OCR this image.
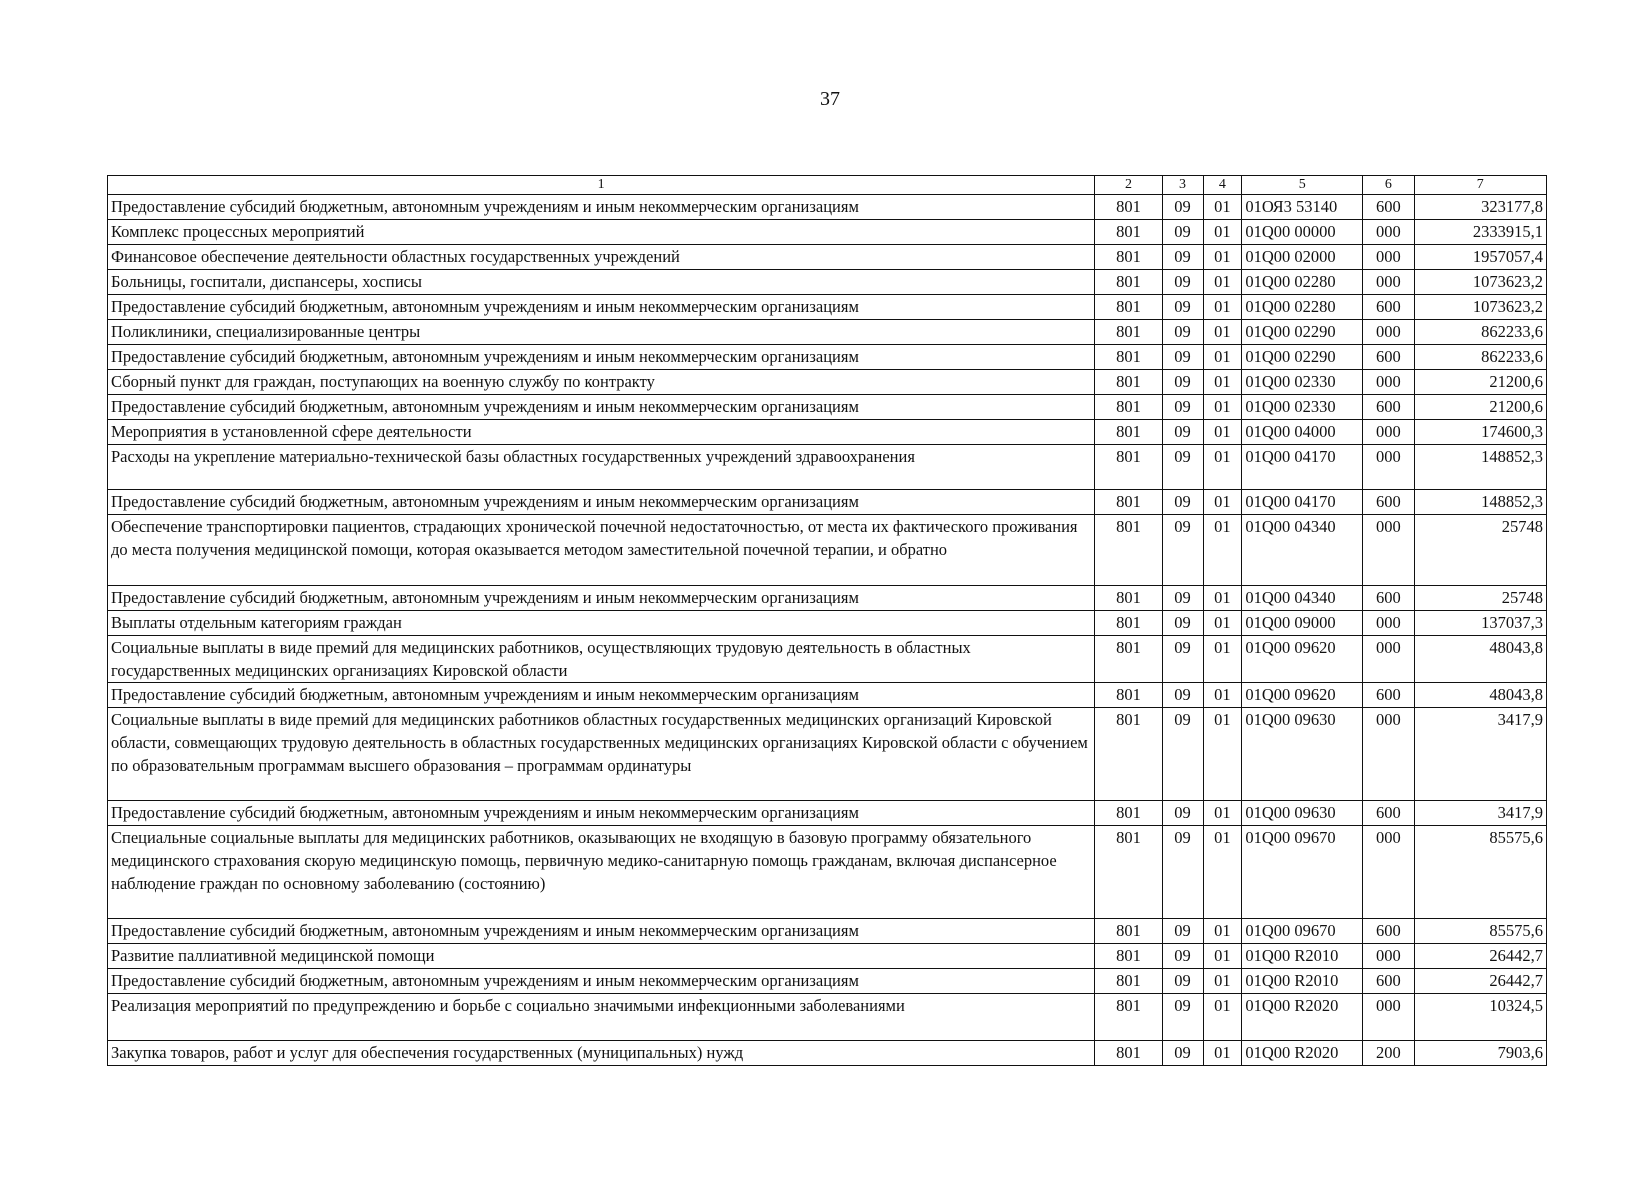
37
1	2	3	4	5	6	7
Предоставление субсидий бюджетным, автономным учреждениям и иным некоммерческим организациям	801	09	01	01ОЯ3 53140	600	323177,8
Комплекс процессных мероприятий	801	09	01	01Q00 00000	000	2333915,1
Финансовое обеспечение деятельности областных государственных учреждений	801	09	01	01Q00 02000	000	1957057,4
Больницы, госпитали, диспансеры, хосписы	801	09	01	01Q00 02280	000	1073623,2
Предоставление субсидий бюджетным, автономным учреждениям и иным некоммерческим организациям	801	09	01	01Q00 02280	600	1073623,2
Поликлиники, специализированные центры	801	09	01	01Q00 02290	000	862233,6
Предоставление субсидий бюджетным, автономным учреждениям и иным некоммерческим организациям	801	09	01	01Q00 02290	600	862233,6
Сборный пункт для граждан, поступающих на военную службу по контракту	801	09	01	01Q00 02330	000	21200,6
Предоставление субсидий бюджетным, автономным учреждениям и иным некоммерческим организациям	801	09	01	01Q00 02330	600	21200,6
Мероприятия в установленной сфере деятельности	801	09	01	01Q00 04000	000	174600,3
Расходы на укрепление материально-технической базы областных государственных учреждений здравоохранения	801	09	01	01Q00 04170	000	148852,3
Предоставление субсидий бюджетным, автономным учреждениям и иным некоммерческим организациям	801	09	01	01Q00 04170	600	148852,3
Обеспечение транспортировки пациентов, страдающих хронической почечной недостаточностью, от места их фактического проживания до места получения медицинской помощи, которая оказывается методом заместительной почечной терапии, и обратно	801	09	01	01Q00 04340	000	25748
Предоставление субсидий бюджетным, автономным учреждениям и иным некоммерческим организациям	801	09	01	01Q00 04340	600	25748
Выплаты отдельным категориям граждан	801	09	01	01Q00 09000	000	137037,3
Социальные выплаты в виде премий для медицинских работников, осуществляющих трудовую деятельность в областных государственных медицинских организациях Кировской области	801	09	01	01Q00 09620	000	48043,8
Предоставление субсидий бюджетным, автономным учреждениям и иным некоммерческим организациям	801	09	01	01Q00 09620	600	48043,8
Социальные выплаты в виде премий для медицинских работников областных государственных медицинских организаций Кировской области, совмещающих трудовую деятельность в областных государственных медицинских организациях Кировской области с обучением по образовательным программам высшего образования – программам ординатуры	801	09	01	01Q00 09630	000	3417,9
Предоставление субсидий бюджетным, автономным учреждениям и иным некоммерческим организациям	801	09	01	01Q00 09630	600	3417,9
Специальные социальные выплаты для медицинских работников, оказывающих не входящую в базовую программу обязательного медицинского страхования скорую медицинскую помощь, первичную медико-санитарную помощь гражданам, включая диспансерное наблюдение граждан по основному заболеванию (состоянию)	801	09	01	01Q00 09670	000	85575,6
Предоставление субсидий бюджетным, автономным учреждениям и иным некоммерческим организациям	801	09	01	01Q00 09670	600	85575,6
Развитие паллиативной медицинской помощи	801	09	01	01Q00 R2010	000	26442,7
Предоставление субсидий бюджетным, автономным учреждениям и иным некоммерческим организациям	801	09	01	01Q00 R2010	600	26442,7
Реализация мероприятий по предупреждению и борьбе с социально значимыми инфекционными заболеваниями	801	09	01	01Q00 R2020	000	10324,5
Закупка товаров, работ и услуг для обеспечения государственных (муниципальных) нужд	801	09	01	01Q00 R2020	200	7903,6
